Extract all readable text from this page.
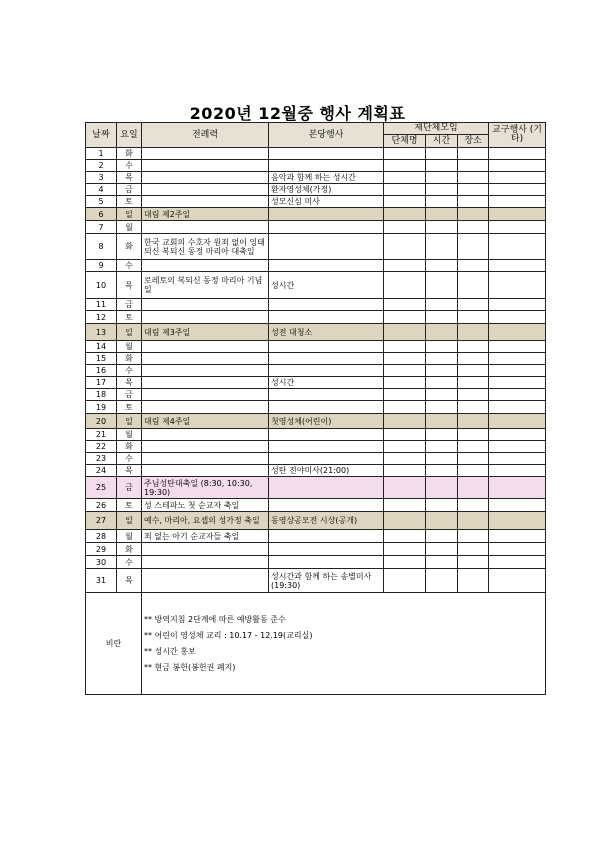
2020년 12월중 행사 계획표
날짜	요일	전례력	본당행사	제단체모임			교구행사 (기타)
				단체명	시간	장소	
1	화						
2	수						
3	목		음악과 함께 하는 성시간				
4	금		환자영성체(가정)				
5	토		성모신심 미사				
6	일	대림 제2주일					
7	월						
8	화	한국 교회의 수호자 원죄 없이 잉태되신 복되신 동정 마리아 대축일					
9	수						
10	목	로레토의 복되신 동정 마리아 기념일	성시간				
11	금						
12	토						
13	일	대림 제3주일	성전 대청소				
14	월						
15	화						
16	수						
17	목		성시간				
18	금						
19	토						
20	일	대림 제4주일	첫영성체(어린이)				
21	월						
22	화						
23	수						
24	목		성탄 전야미사(21:00)				
25	금	주님성탄대축일 (8:30, 10:30, 19:30)					
26	토	성 스테파노 첫 순교자 축일					
27	일	예수, 마리아, 요셉의 성가정 축일	동영상공모전 시상(공개)				
28	월	죄 없는 아기 순교자들 축일					
29	화						
30	수						
31	목		성시간과 함께 하는 송별미사(19:30)				
비란		** 방역지침 2단계에 따른 예방활동 준수
** 어린이 영성체 교리 : 10.17 - 12.19(교리실)
** 성시간 홍보
** 현금 봉헌(봉헌권 폐지)					
